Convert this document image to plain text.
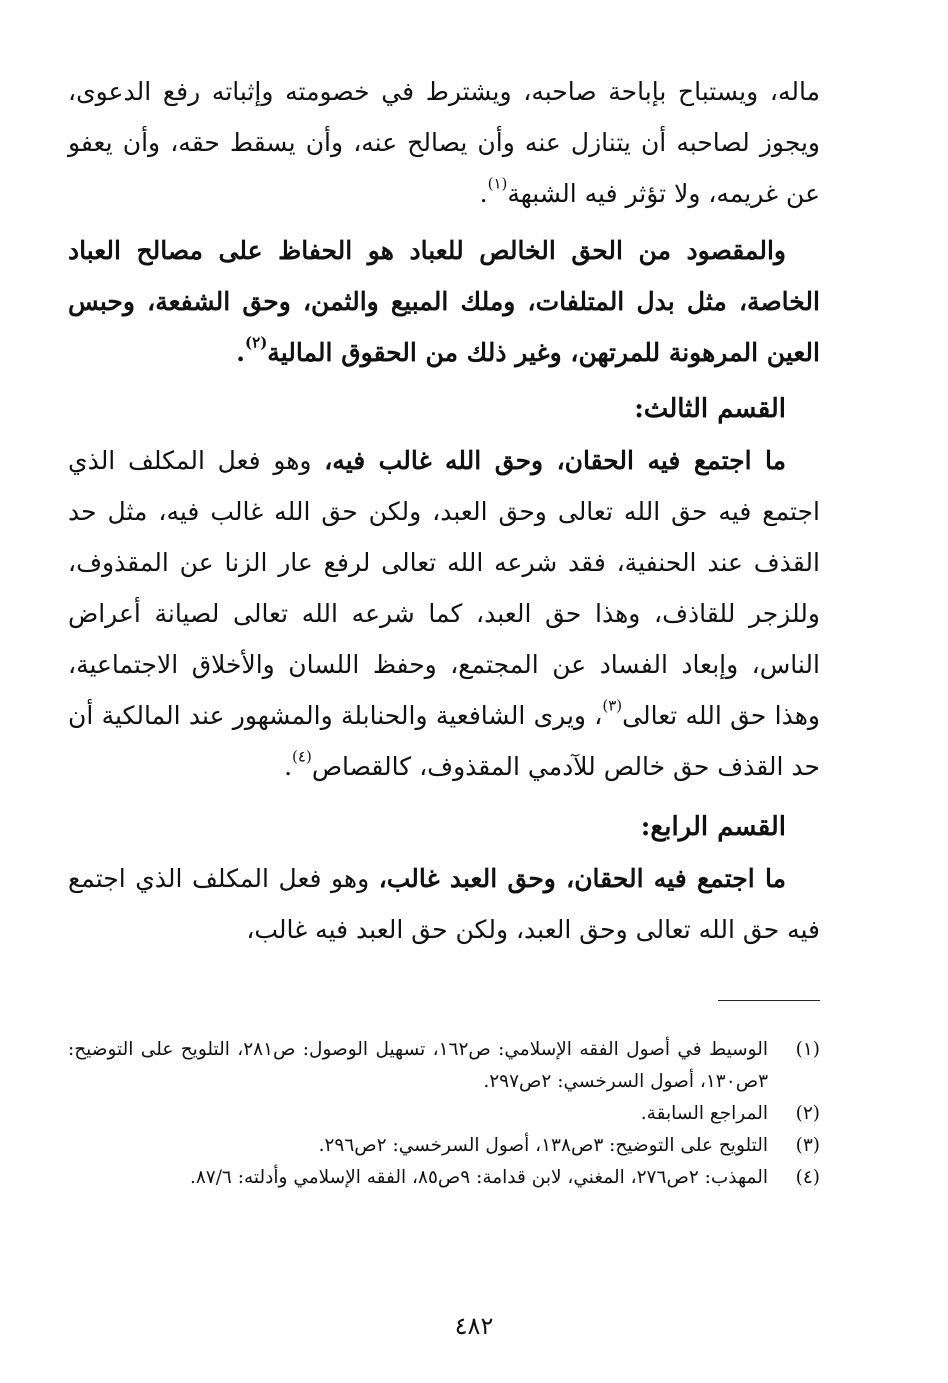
ماله، ويستباح بإباحة صاحبه، ويشترط في خصومته وإثباته رفع الدعوى، ويجوز لصاحبه أن يتنازل عنه وأن يصالح عنه، وأن يسقط حقه، وأن يعفو عن غريمه، ولا تؤثر فيه الشبهة$^{(١)}$.

والمقصود من الحق الخالص للعباد هو الحفاظ على مصالح العباد الخاصة، مثل بدل المتلفات، وملك المبيع والثمن، وحق الشفعة، وحبس العين المرهونة للمرتهن، وغير ذلك من الحقوق المالية$^{(٢)}$.

القسم الثالث:

ما اجتمع فيه الحقان، وحق الله غالب فيه، وهو فعل المكلف الذي اجتمع فيه حق الله تعالى وحق العبد، ولكن حق الله غالب فيه، مثل حد القذف عند الحنفية، فقد شرعه الله تعالى لرفع عار الزنا عن المقذوف، وللزجر للقاذف، وهذا حق العبد، كما شرعه الله تعالى لصيانة أعراض الناس، وإبعاد الفساد عن المجتمع، وحفظ اللسان والأخلاق الاجتماعية، وهذا حق الله تعالى$^{(٣)}$، ويرى الشافعية والحنابلة والمشهور عند المالكية أن حد القذف حق خالص للآدمي المقذوف، كالقصاص$^{(٤)}$.

القسم الرابع:

ما اجتمع فيه الحقان، وحق العبد غالب، وهو فعل المكلف الذي اجتمع فيه حق الله تعالى وحق العبد، ولكن حق العبد فيه غالب،

(١)
الوسيط في أصول الفقه الإسلامي: ص١٦٢، تسهيل الوصول: ص٢٨١، التلويح على التوضيح: ٣ص١٣٠، أصول السرخسي: ٢ص٢٩٧.
(٢)
المراجع السابقة.
(٣)
التلويح على التوضيح: ٣ص١٣٨، أصول السرخسي: ٢ص٢٩٦.
(٤)
المهذب: ٢ص٢٧٦، المغني، لابن قدامة: ٩ص٨٥، الفقه الإسلامي وأدلته: ٨٧/٦.
٤٨٢
